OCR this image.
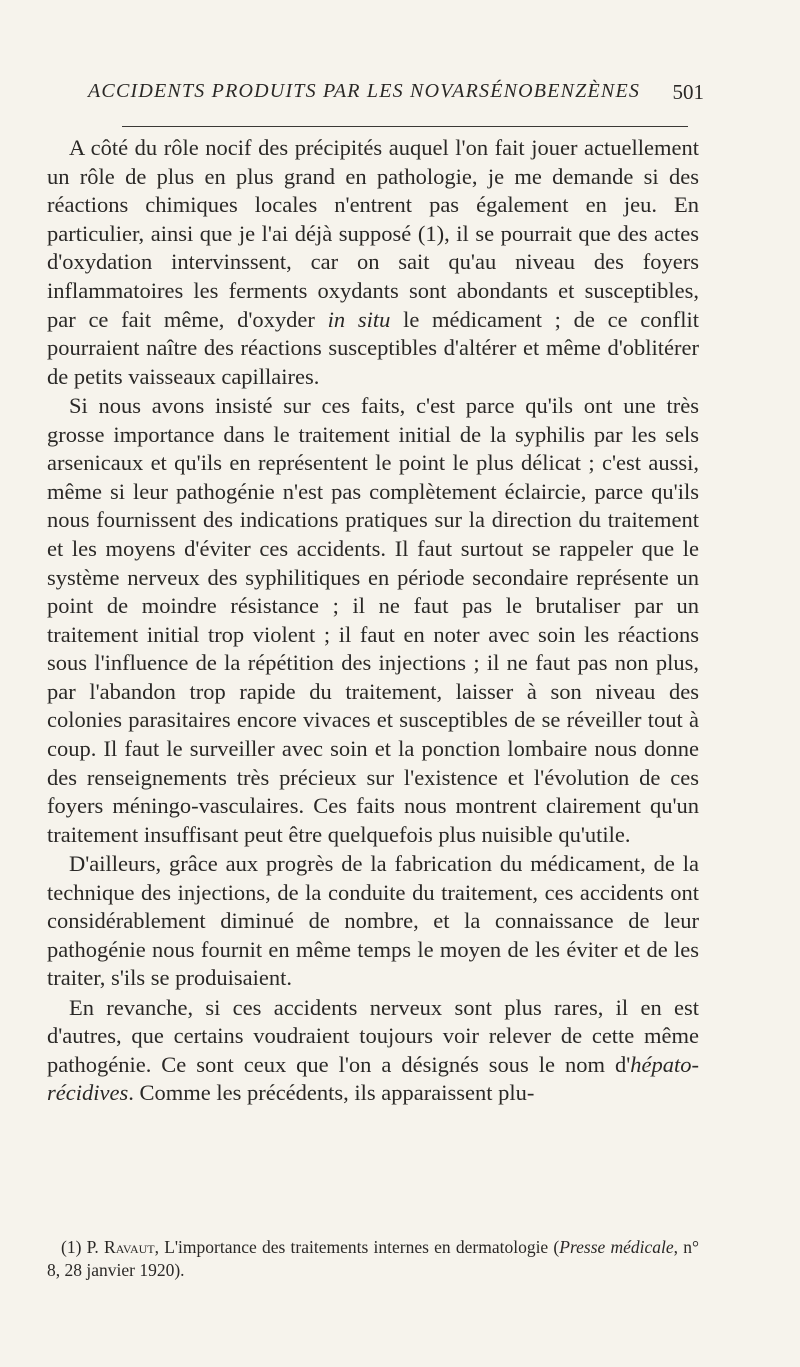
ACCIDENTS PRODUITS PAR LES NOVARSÉNOBENZÈNES 501

A côté du rôle nocif des précipités auquel l'on fait jouer actuellement un rôle de plus en plus grand en pathologie, je me demande si des réactions chimiques locales n'entrent pas également en jeu. En particulier, ainsi que je l'ai déjà supposé (1), il se pourrait que des actes d'oxydation intervinssent, car on sait qu'au niveau des foyers inflammatoires les ferments oxydants sont abondants et susceptibles, par ce fait même, d'oxyder in situ le médicament ; de ce conflit pourraient naître des réactions susceptibles d'altérer et même d'oblitérer de petits vaisseaux capillaires.

Si nous avons insisté sur ces faits, c'est parce qu'ils ont une très grosse importance dans le traitement initial de la syphilis par les sels arsenicaux et qu'ils en représentent le point le plus délicat ; c'est aussi, même si leur pathogénie n'est pas complètement éclaircie, parce qu'ils nous fournissent des indications pratiques sur la direction du traitement et les moyens d'éviter ces accidents. Il faut surtout se rappeler que le système nerveux des syphilitiques en période secondaire représente un point de moindre résistance ; il ne faut pas le brutaliser par un traitement initial trop violent ; il faut en noter avec soin les réactions sous l'influence de la répétition des injections ; il ne faut pas non plus, par l'abandon trop rapide du traitement, laisser à son niveau des colonies parasitaires encore vivaces et susceptibles de se réveiller tout à coup. Il faut le surveiller avec soin et la ponction lombaire nous donne des renseignements très précieux sur l'existence et l'évolution de ces foyers méningo-vasculaires. Ces faits nous montrent clairement qu'un traitement insuffisant peut être quelquefois plus nuisible qu'utile.

D'ailleurs, grâce aux progrès de la fabrication du médicament, de la technique des injections, de la conduite du traitement, ces accidents ont considérablement diminué de nombre, et la connaissance de leur pathogénie nous fournit en même temps le moyen de les éviter et de les traiter, s'ils se produisaient.

En revanche, si ces accidents nerveux sont plus rares, il en est d'autres, que certains voudraient toujours voir relever de cette même pathogénie. Ce sont ceux que l'on a désignés sous le nom d'hépato-récidives. Comme les précédents, ils apparaissent plu-

(1) P. Ravaut, L'importance des traitements internes en dermatologie (Presse médicale, n° 8, 28 janvier 1920).
